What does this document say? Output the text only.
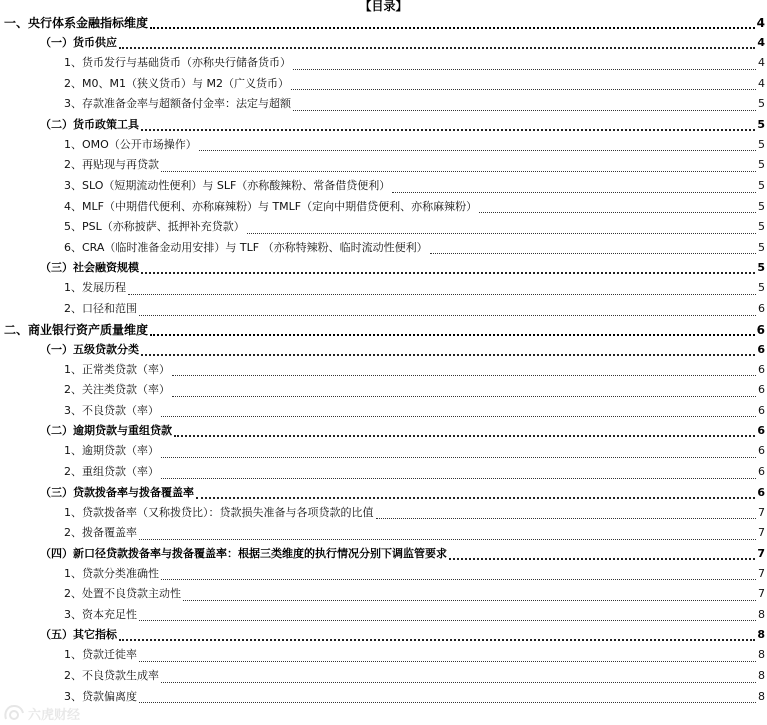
【目录】
一、央行体系金融指标维度	4
（一）货币供应	4
1、货币发行与基础货币（亦称央行储备货币）	4
2、M0、M1（狭义货币）与 M2（广义货币）	4
3、存款准备金率与超额备付金率：法定与超额	5
（二）货币政策工具	5
1、OMO（公开市场操作）	5
2、再贴现与再贷款	5
3、SLO（短期流动性便利）与 SLF（亦称酸辣粉、常备借贷便利）	5
4、MLF（中期借代便利、亦称麻辣粉）与 TMLF（定向中期借贷便利、亦称麻辣粉）	5
5、PSL（亦称披萨、抵押补充贷款）	5
6、CRA（临时准备金动用安排）与 TLF （亦称特辣粉、临时流动性便利）	5
（三）社会融资规模	5
1、发展历程	5
2、口径和范围	6
二、商业银行资产质量维度	6
（一）五级贷款分类	6
1、正常类贷款（率）	6
2、关注类贷款（率）	6
3、不良贷款（率）	6
（二）逾期贷款与重组贷款	6
1、逾期贷款（率）	6
2、重组贷款（率）	6
（三）贷款拨备率与拨备覆盖率	6
1、贷款拨备率（又称拨贷比）：贷款损失准备与各项贷款的比值	7
2、拨备覆盖率	7
（四）新口径贷款拨备率与拨备覆盖率：根据三类维度的执行情况分别下调监管要求	7
1、贷款分类准确性	7
2、处置不良贷款主动性	7
3、资本充足性	8
（五）其它指标	8
1、贷款迁徙率	8
2、不良贷款生成率	8
3、贷款偏离度	8
六虎财经
